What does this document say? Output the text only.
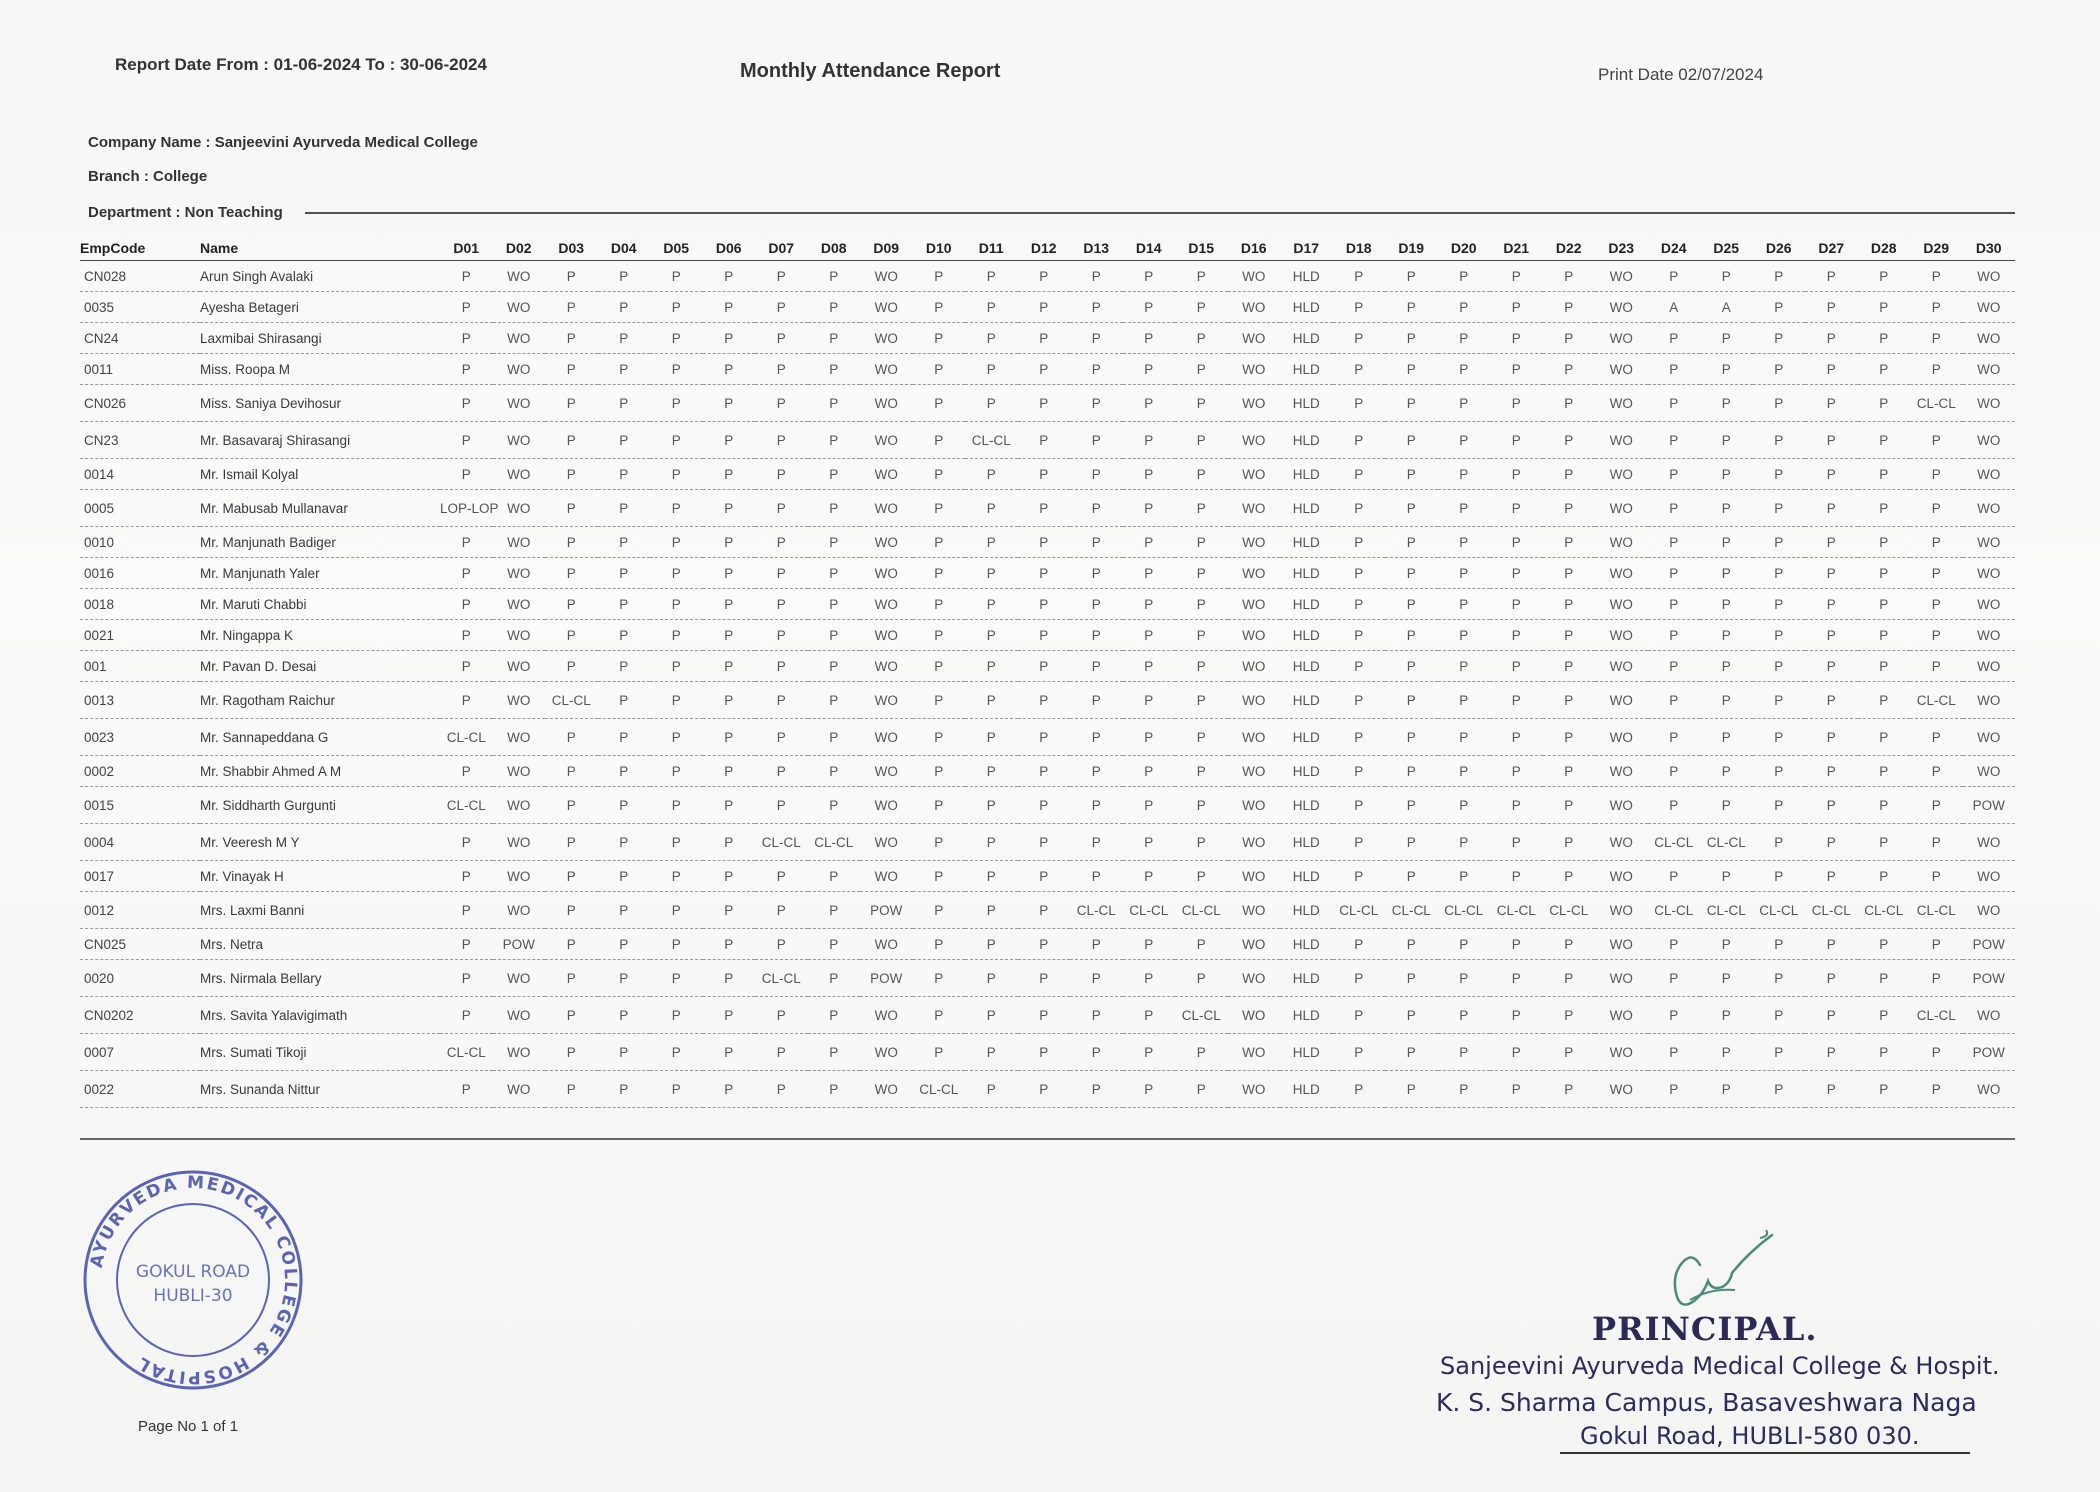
Report Date From : 01-06-2024 To : 30-06-2024	Monthly Attendance Report	Print Date 02/07/2024
Company Name : Sanjeevini Ayurveda Medical College
Branch : College
Department : Non Teaching
EmpCode	Name	D01	D02	D03	D04	D05	D06	D07	D08	D09	D10	D11	D12	D13	D14	D15	D16	D17	D18	D19	D20	D21	D22	D23	D24	D25	D26	D27	D28	D29	D30
CN028	Arun Singh Avalaki	P	WO	P	P	P	P	P	P	WO	P	P	P	P	P	P	WO	HLD	P	P	P	P	P	WO	P	P	P	P	P	P	WO
0035	Ayesha Betageri	P	WO	P	P	P	P	P	P	WO	P	P	P	P	P	P	WO	HLD	P	P	P	P	P	WO	A	A	P	P	P	P	WO
CN24	Laxmibai Shirasangi	P	WO	P	P	P	P	P	P	WO	P	P	P	P	P	P	WO	HLD	P	P	P	P	P	WO	P	P	P	P	P	P	WO
0011	Miss. Roopa M	P	WO	P	P	P	P	P	P	WO	P	P	P	P	P	P	WO	HLD	P	P	P	P	P	WO	P	P	P	P	P	P	WO
CN026	Miss. Saniya Devihosur	P	WO	P	P	P	P	P	P	WO	P	P	P	P	P	P	WO	HLD	P	P	P	P	P	WO	P	P	P	P	P	CL-CL	WO
CN23	Mr. Basavaraj Shirasangi	P	WO	P	P	P	P	P	P	WO	P	CL-CL	P	P	P	P	WO	HLD	P	P	P	P	P	WO	P	P	P	P	P	P	WO
0014	Mr. Ismail Kolyal	P	WO	P	P	P	P	P	P	WO	P	P	P	P	P	P	WO	HLD	P	P	P	P	P	WO	P	P	P	P	P	P	WO
0005	Mr. Mabusab Mullanavar	LOP-LOP	WO	P	P	P	P	P	P	WO	P	P	P	P	P	P	WO	HLD	P	P	P	P	P	WO	P	P	P	P	P	P	WO
0010	Mr. Manjunath Badiger	P	WO	P	P	P	P	P	P	WO	P	P	P	P	P	P	WO	HLD	P	P	P	P	P	WO	P	P	P	P	P	P	WO
0016	Mr. Manjunath Yaler	P	WO	P	P	P	P	P	P	WO	P	P	P	P	P	P	WO	HLD	P	P	P	P	P	WO	P	P	P	P	P	P	WO
0018	Mr. Maruti Chabbi	P	WO	P	P	P	P	P	P	WO	P	P	P	P	P	P	WO	HLD	P	P	P	P	P	WO	P	P	P	P	P	P	WO
0021	Mr. Ningappa K	P	WO	P	P	P	P	P	P	WO	P	P	P	P	P	P	WO	HLD	P	P	P	P	P	WO	P	P	P	P	P	P	WO
001	Mr. Pavan D. Desai	P	WO	P	P	P	P	P	P	WO	P	P	P	P	P	P	WO	HLD	P	P	P	P	P	WO	P	P	P	P	P	P	WO
0013	Mr. Ragotham Raichur	P	WO	CL-CL	P	P	P	P	P	WO	P	P	P	P	P	P	WO	HLD	P	P	P	P	P	WO	P	P	P	P	P	CL-CL	WO
0023	Mr. Sannapeddana G	CL-CL	WO	P	P	P	P	P	P	WO	P	P	P	P	P	P	WO	HLD	P	P	P	P	P	WO	P	P	P	P	P	P	WO
0002	Mr. Shabbir Ahmed A M	P	WO	P	P	P	P	P	P	WO	P	P	P	P	P	P	WO	HLD	P	P	P	P	P	WO	P	P	P	P	P	P	WO
0015	Mr. Siddharth Gurgunti	CL-CL	WO	P	P	P	P	P	P	WO	P	P	P	P	P	P	WO	HLD	P	P	P	P	P	WO	P	P	P	P	P	P	POW
0004	Mr. Veeresh M Y	P	WO	P	P	P	P	CL-CL	CL-CL	WO	P	P	P	P	P	P	WO	HLD	P	P	P	P	P	WO	CL-CL	CL-CL	P	P	P	P	WO
0017	Mr. Vinayak H	P	WO	P	P	P	P	P	P	WO	P	P	P	P	P	P	WO	HLD	P	P	P	P	P	WO	P	P	P	P	P	P	WO
0012	Mrs. Laxmi Banni	P	WO	P	P	P	P	P	P	POW	P	P	P	CL-CL	CL-CL	CL-CL	WO	HLD	CL-CL	CL-CL	CL-CL	CL-CL	CL-CL	WO	CL-CL	CL-CL	CL-CL	CL-CL	CL-CL	CL-CL	WO
CN025	Mrs. Netra	P	POW	P	P	P	P	P	P	WO	P	P	P	P	P	P	WO	HLD	P	P	P	P	P	WO	P	P	P	P	P	P	POW
0020	Mrs. Nirmala Bellary	P	WO	P	P	P	P	CL-CL	P	POW	P	P	P	P	P	P	WO	HLD	P	P	P	P	P	WO	P	P	P	P	P	P	POW
CN0202	Mrs. Savita Yalavigimath	P	WO	P	P	P	P	P	P	WO	P	P	P	P	P	CL-CL	WO	HLD	P	P	P	P	P	WO	P	P	P	P	P	CL-CL	WO
0007	Mrs. Sumati Tikoji	CL-CL	WO	P	P	P	P	P	P	WO	P	P	P	P	P	P	WO	HLD	P	P	P	P	P	WO	P	P	P	P	P	P	POW
0022	Mrs. Sunanda Nittur	P	WO	P	P	P	P	P	P	WO	CL-CL	P	P	P	P	P	WO	HLD	P	P	P	P	P	WO	P	P	P	P	P	P	WO
AYURVEDA MEDICAL COLLEGE & HOSPITAL
GOKUL ROAD
HUBLI-30
Page No 1 of 1
PRINCIPAL.
Sanjeevini Ayurveda Medical College & Hospit.
K. S. Sharma Campus, Basaveshwara Naga
Gokul Road, HUBLI-580 030.
